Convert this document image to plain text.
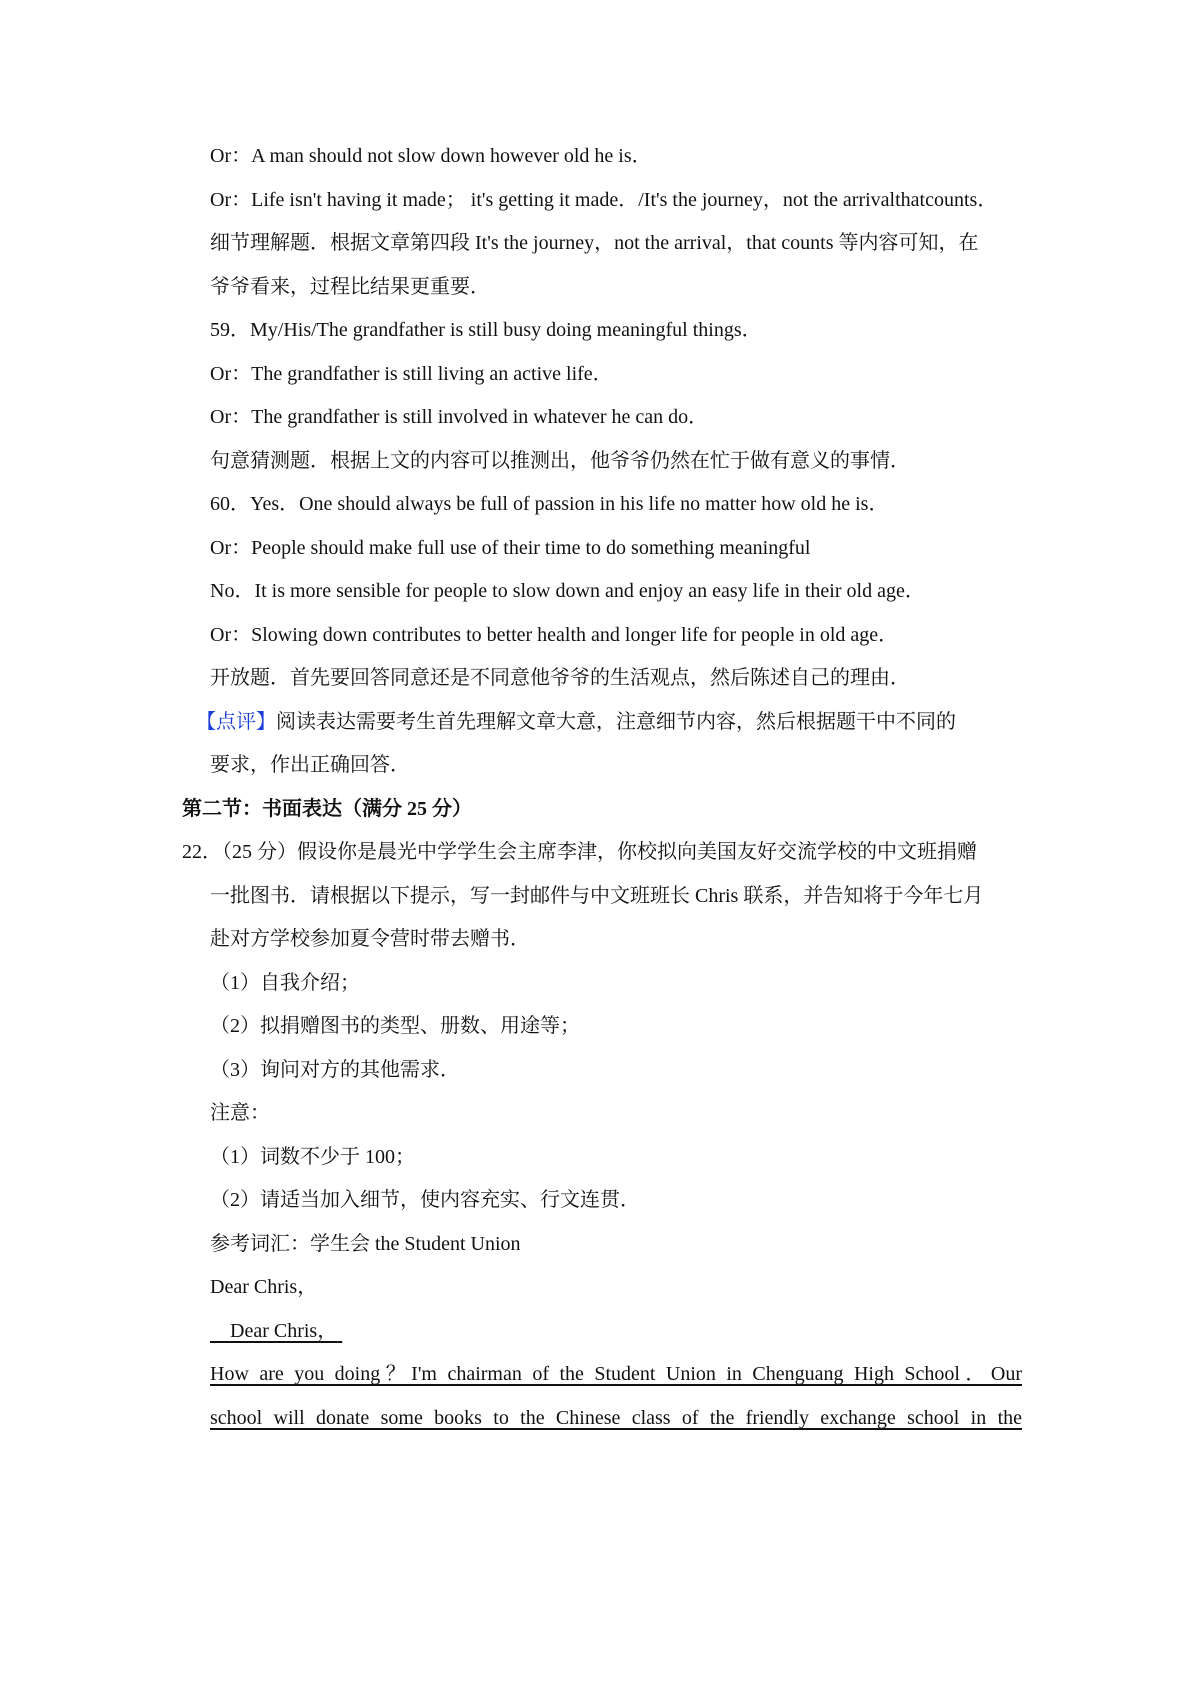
Or：A man should not slow down however old he is．
Or：Life isn't having it made； it's getting it made．/It's the journey，not the arrivalthatcounts．
细节理解题．根据文章第四段 It's the journey，not the arrival，that counts 等内容可知，在
爷爷看来，过程比结果更重要．
59．My/His/The grandfather is still busy doing meaningful things．
Or：The grandfather is still living an active life．
Or：The grandfather is still involved in whatever he can do．
句意猜测题．根据上文的内容可以推测出，他爷爷仍然在忙于做有意义的事情．
60．Yes．One should always be full of passion in his life no matter how old he is．
Or：People should make full use of their time to do something meaningful
No．It is more sensible for people to slow down and enjoy an easy life in their old age．
Or：Slowing down contributes to better health and longer life for people in old age．
开放题．首先要回答同意还是不同意他爷爷的生活观点，然后陈述自己的理由．
【点评】阅读表达需要考生首先理解文章大意，注意细节内容，然后根据题干中不同的
要求，作出正确回答．
第二节：书面表达（满分 25 分）
22．（25 分）假设你是晨光中学学生会主席李津，你校拟向美国友好交流学校的中文班捐赠
一批图书．请根据以下提示，写一封邮件与中文班班长 Chris 联系，并告知将于今年七月
赴对方学校参加夏令营时带去赠书．
（1）自我介绍；
（2）拟捐赠图书的类型、册数、用途等；
（3）询问对方的其他需求．
注意：
（1）词数不少于 100；
（2）请适当加入细节，使内容充实、行文连贯．
参考词汇：学生会 the Student Union
Dear Chris，
Dear Chris，
How are you doing？I'm chairman of the Student Union in Chenguang High School．Our
school will donate some books to the Chinese class of the friendly exchange school in the
